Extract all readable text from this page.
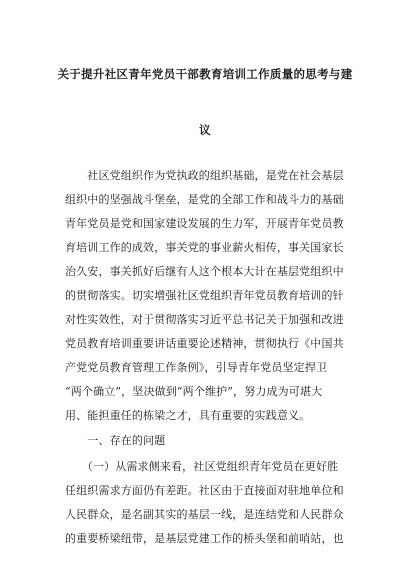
关于提升社区青年党员干部教育培训工作质量的思考与建
议
　　社区党组织作为党执政的组织基础，是党在社会基层
组织中的坚强战斗堡垒，是党的全部工作和战斗力的基础
青年党员是党和国家建设发展的生力军，开展青年党员教
育培训工作的成效，事关党的事业薪火相传，事关国家长
治久安，事关抓好后继有人这个根本大计在基层党组织中
的贯彻落实。切实增强社区党组织青年党员教育培训的针
对性实效性，对于贯彻落实习近平总书记关于加强和改进
党员教育培训重要讲话重要论述精神，贯彻执行《中国共
产党党员教育管理工作条例》，引导青年党员坚定捍卫
“两个确立”，坚决做到“两个维护”，努力成为可堪大
用、能担重任的栋梁之才，具有重要的实践意义。
　　一、存在的问题
　　（一）从需求侧来看，社区党组织青年党员在更好胜
任组织需求方面仍有差距。社区由于直接面对驻地单位和
人民群众，是名副其实的基层一线，是连结党和人民群众
的重要桥梁纽带，是基层党建工作的桥头堡和前哨站，也
